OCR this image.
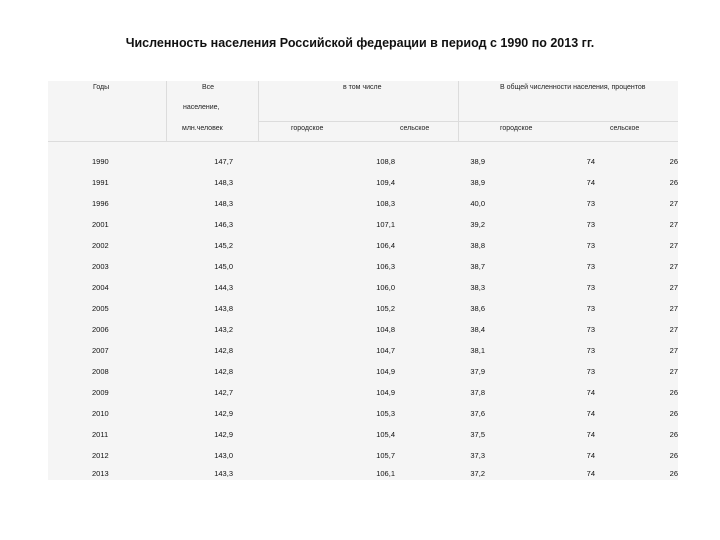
Численность населения Российской федерации в период с 1990 по 2013 гг.
Годы	Все
население,
млн.человек
в том числе	В общей численности населения, процентов
городское	сельское	городское	сельское
1990	147,7	108,8	38,9	74	26
1991	148,3	109,4	38,9	74	26
1996	148,3	108,3	40,0	73	27
2001	146,3	107,1	39,2	73	27
2002	145,2	106,4	38,8	73	27
2003	145,0	106,3	38,7	73	27
2004	144,3	106,0	38,3	73	27
2005	143,8	105,2	38,6	73	27
2006	143,2	104,8	38,4	73	27
2007	142,8	104,7	38,1	73	27
2008	142,8	104,9	37,9	73	27
2009	142,7	104,9	37,8	74	26
2010	142,9	105,3	37,6	74	26
2011	142,9	105,4	37,5	74	26
2012	143,0	105,7	37,3	74	26
2013	143,3	106,1	37,2	74	26
